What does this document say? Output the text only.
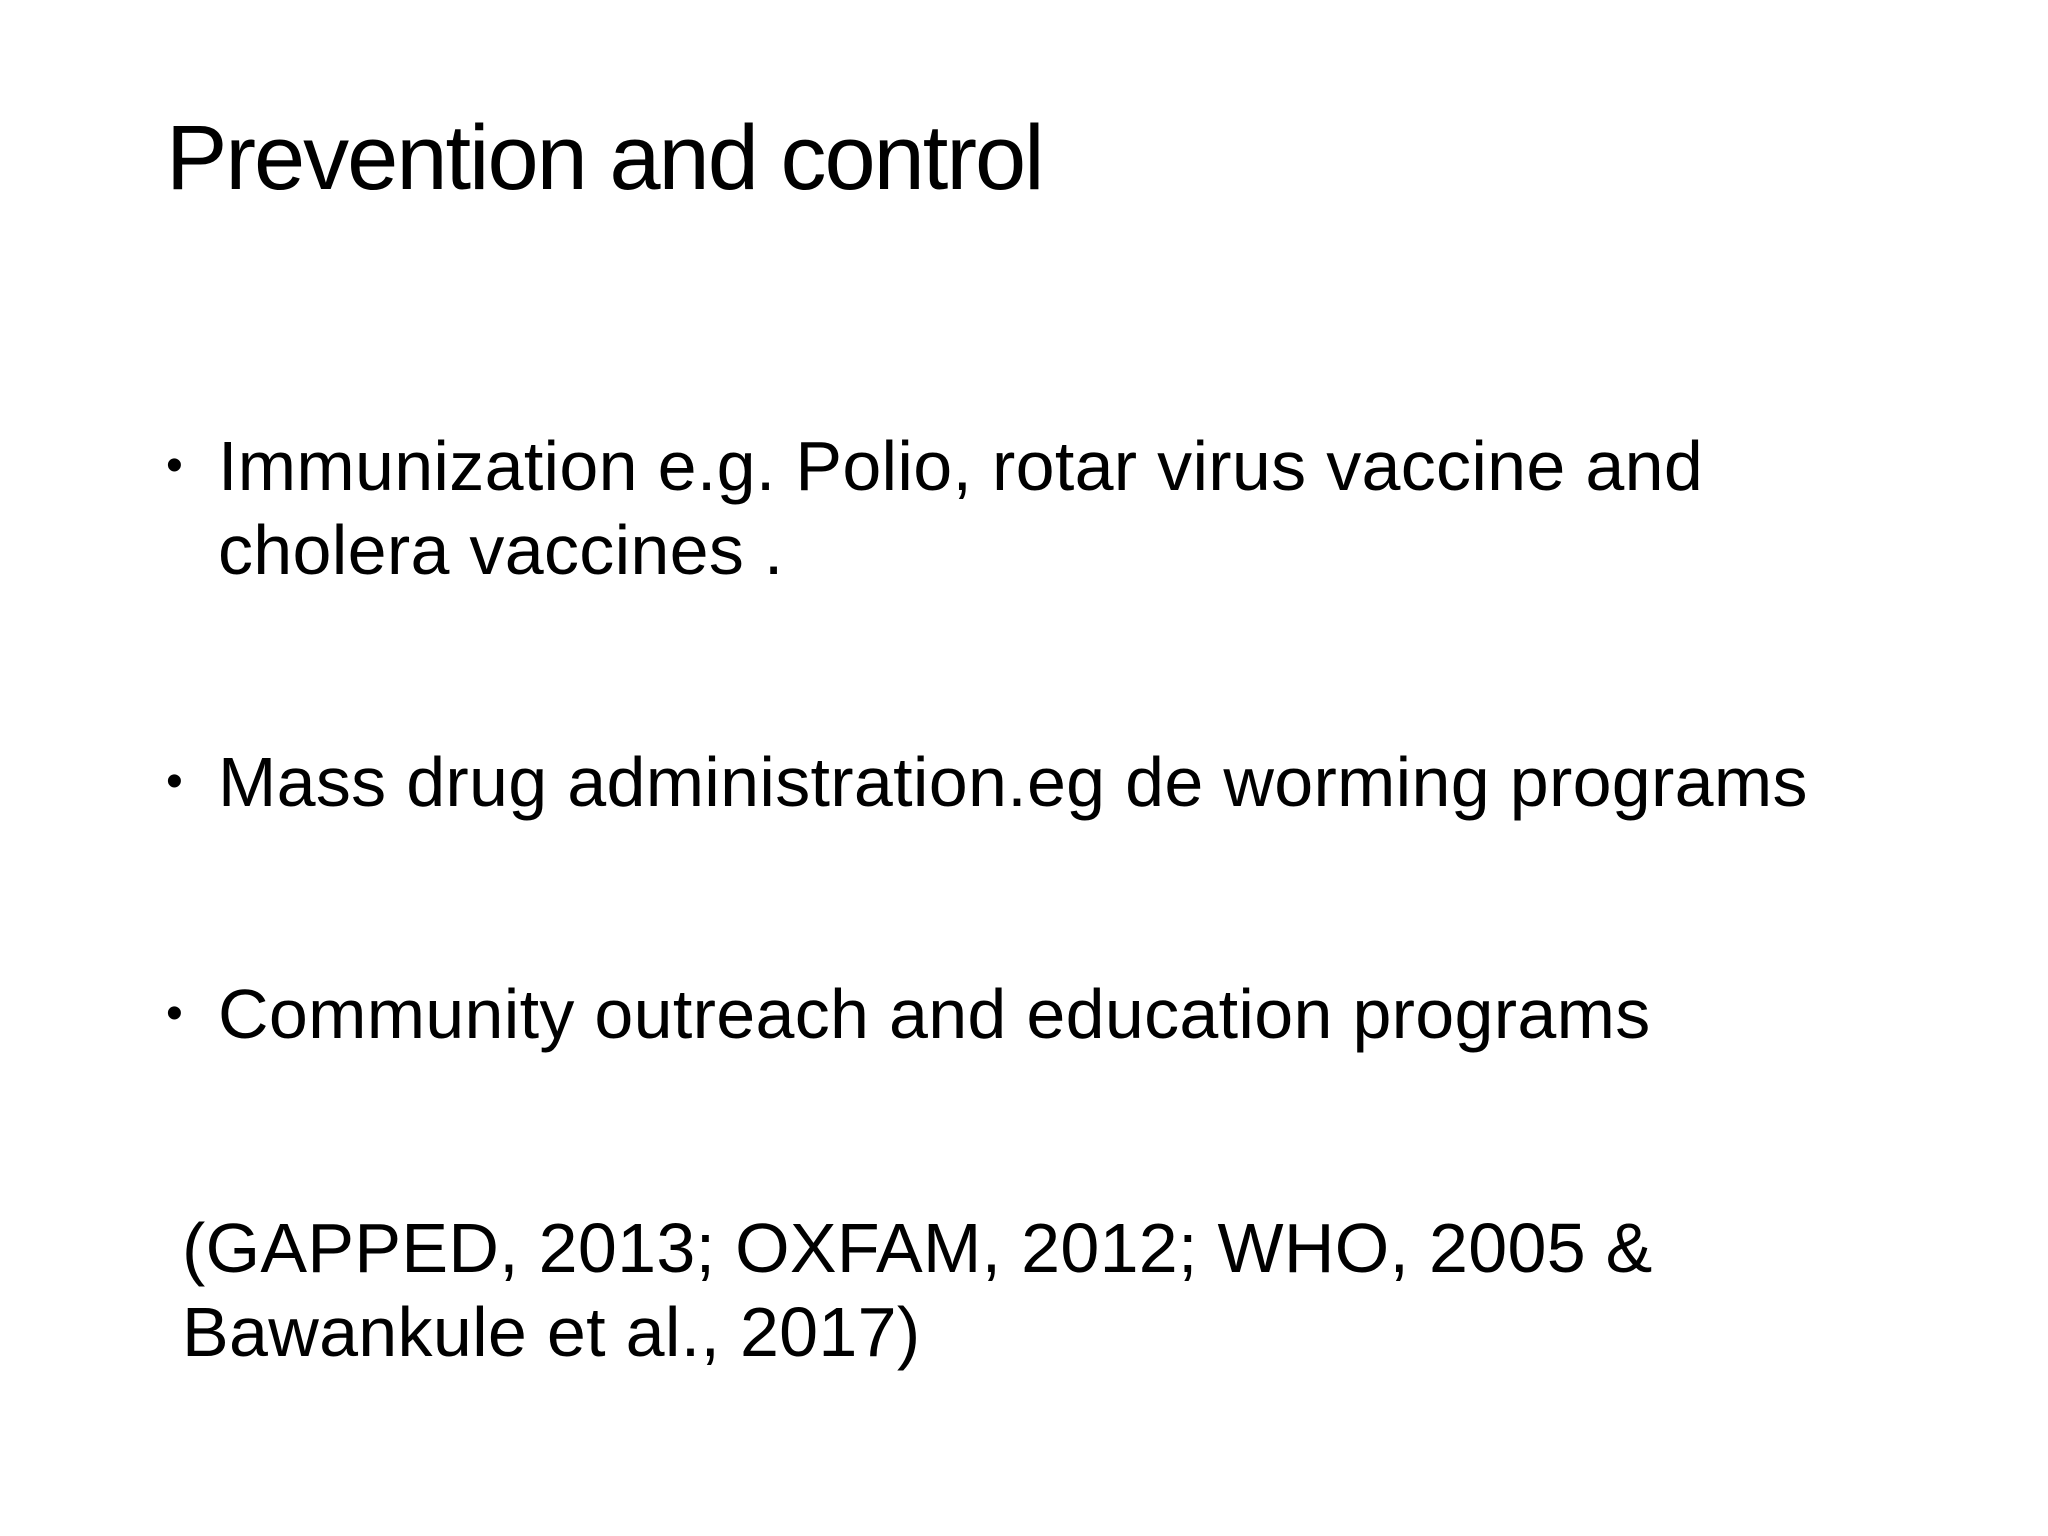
Prevention and control
• Immunization e.g. Polio, rotar virus vaccine and cholera vaccines .
• Mass drug administration.eg de worming programs
• Community outreach and education programs

(GAPPED, 2013; OXFAM, 2012; WHO, 2005 & Bawankule et al., 2017)
